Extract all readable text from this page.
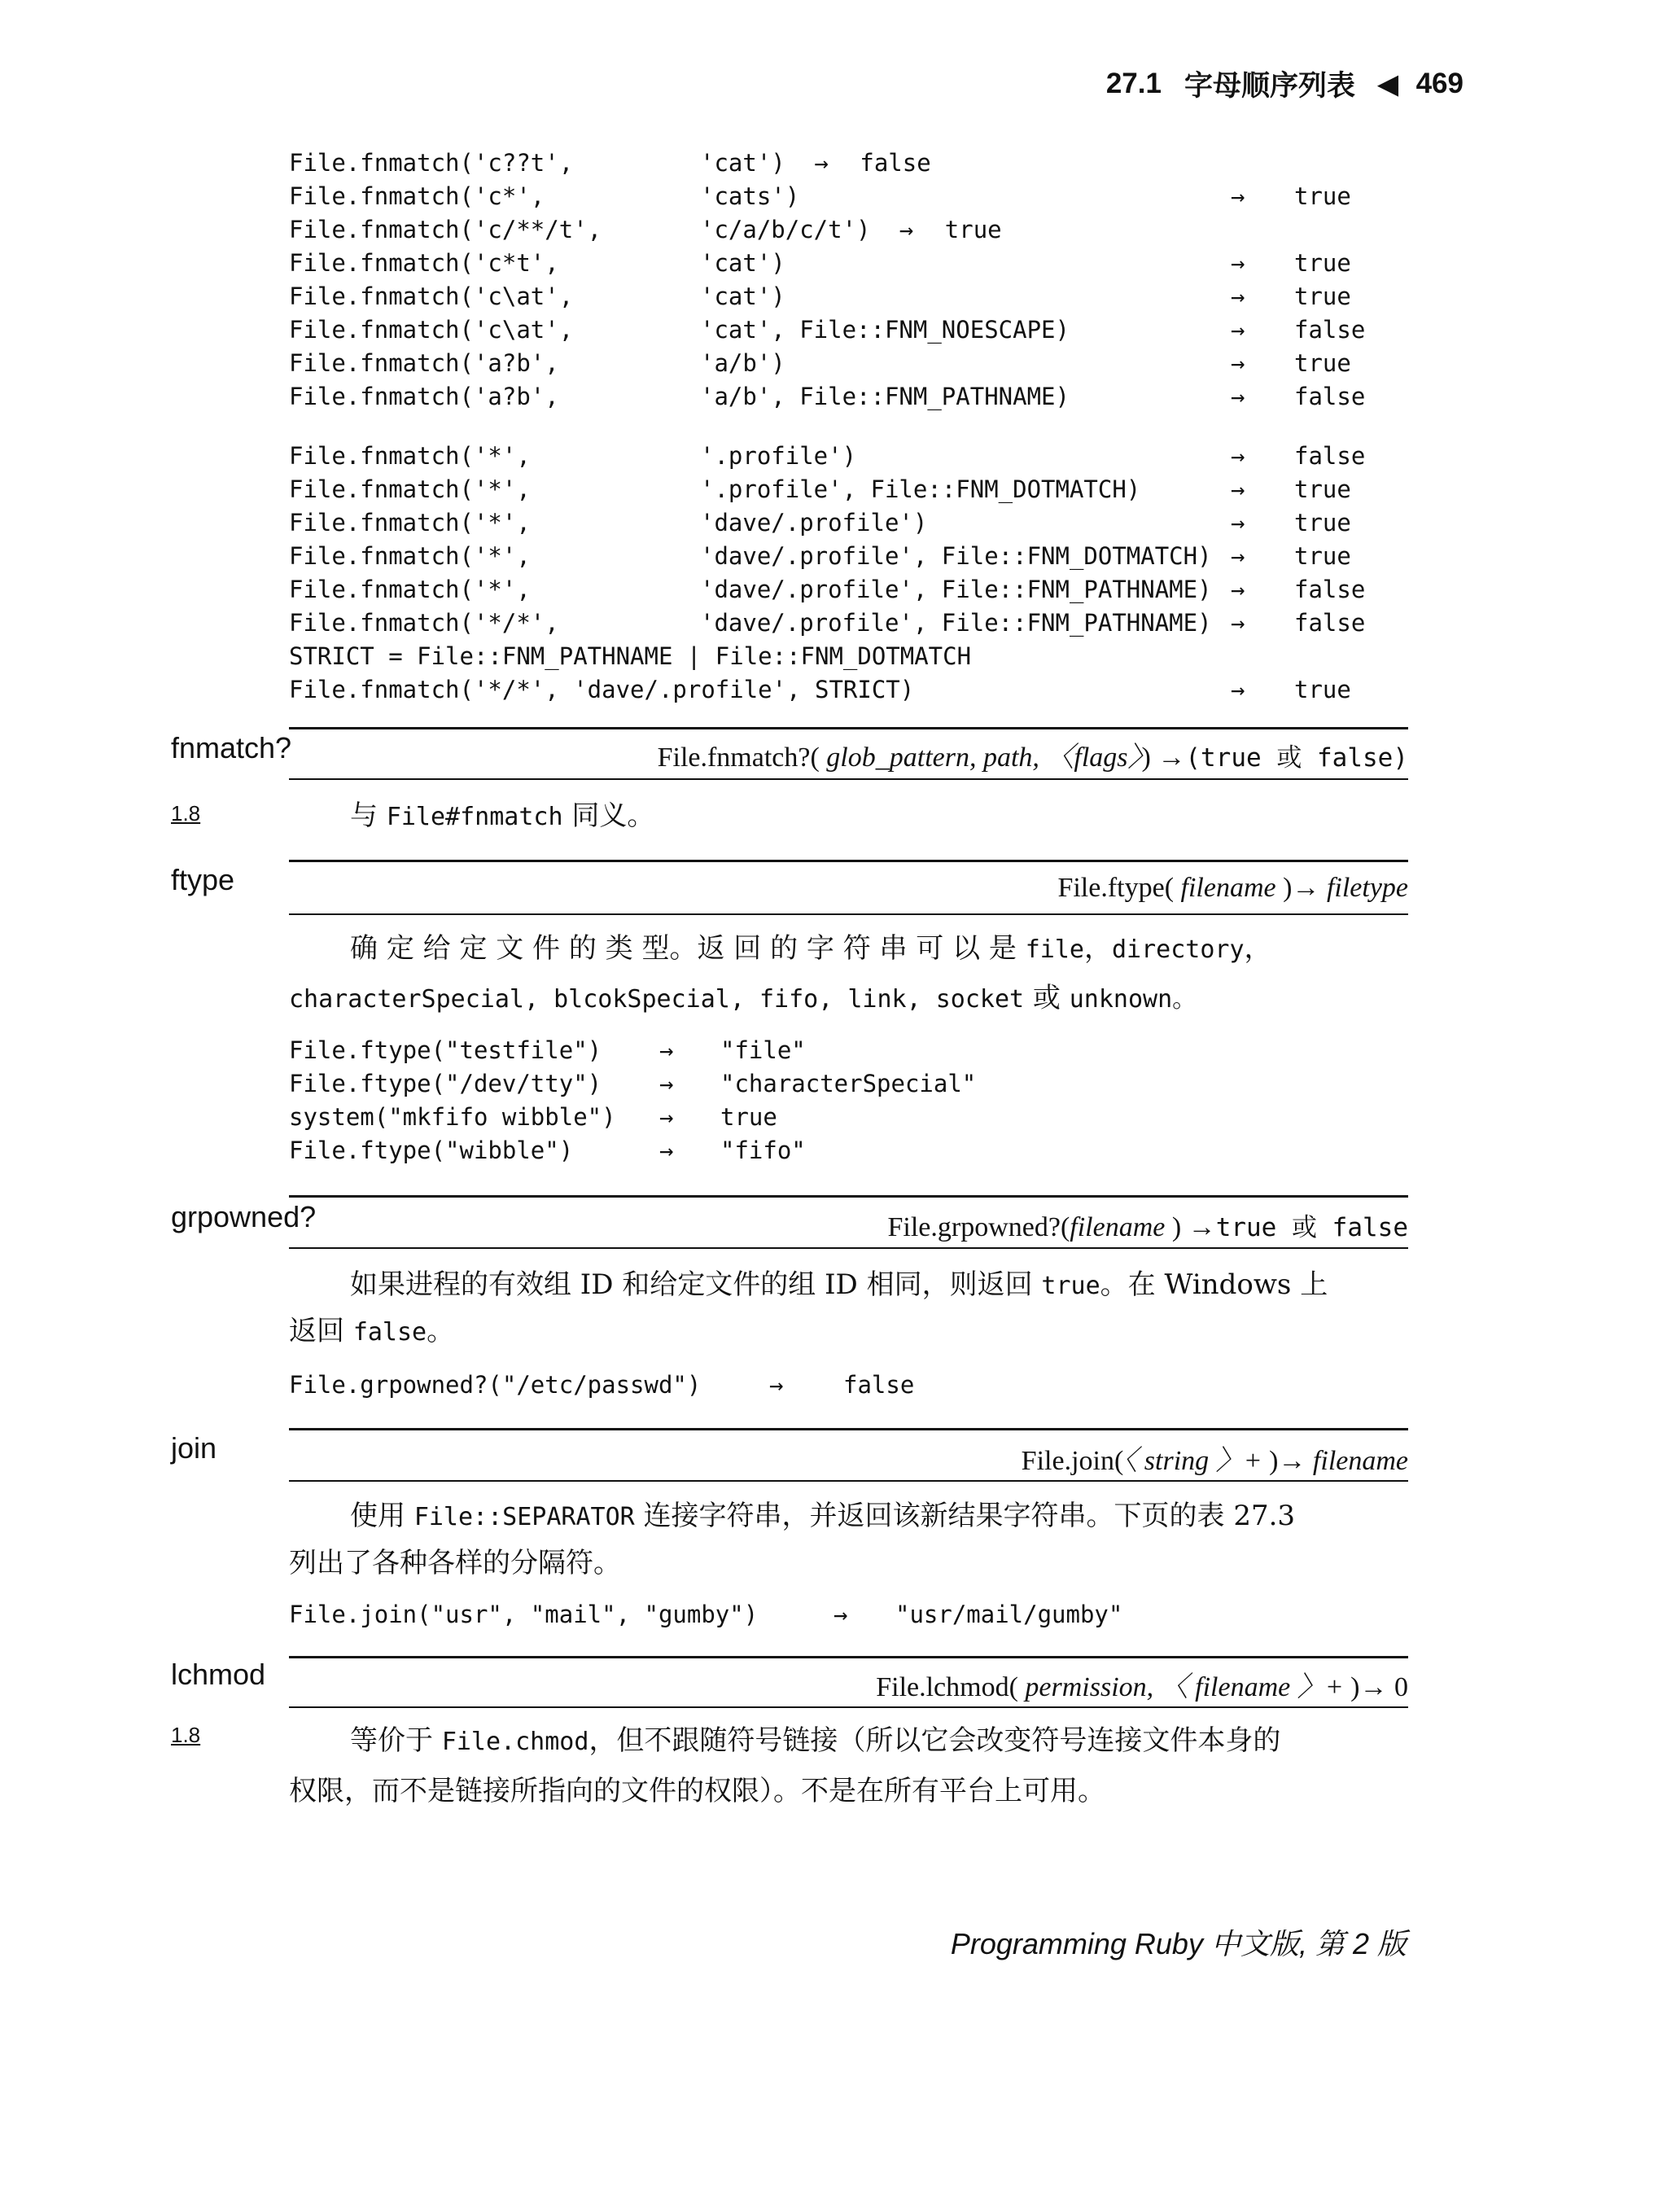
27.1 字母顺序列表 ◀ 469
File.fnmatch('c??t',	'cat') → false
File.fnmatch('c*',	'cats')	→ true
File.fnmatch('c/**/t',	'c/a/b/c/t') → true
File.fnmatch('c*t',	'cat')	→ true
File.fnmatch('c\at',	'cat')	→ true
File.fnmatch('c\at',	'cat', File::FNM_NOESCAPE)	→ false
File.fnmatch('a?b',	'a/b')	→ true
File.fnmatch('a?b',	'a/b', File::FNM_PATHNAME)	→ false
File.fnmatch('*',	'.profile')	→ false
File.fnmatch('*',	'.profile', File::FNM_DOTMATCH)	→ true
File.fnmatch('*',	'dave/.profile')	→ true
File.fnmatch('*',	'dave/.profile', File::FNM_DOTMATCH) → true
File.fnmatch('*',	'dave/.profile', File::FNM_PATHNAME) → false
File.fnmatch('*/*',	'dave/.profile', File::FNM_PATHNAME) → false
STRICT = File::FNM_PATHNAME | File::FNM_DOTMATCH
File.fnmatch('*/*', 'dave/.profile', STRICT)	→ true
fnmatch?	File.fnmatch?( glob_pattern, path, 〈flags〉) →(true 或 false)
1.8	与 File#fnmatch 同义。
ftype	File.ftype( filename )→ filetype
确 定 给 定 文 件 的 类 型。返 回 的 字 符 串 可 以 是 file，directory，
characterSpecial, blcokSpecial, fifo, link, socket 或 unknown。
File.ftype("testfile") → "file"
File.ftype("/dev/tty") → "characterSpecial"
system("mkfifo wibble") → true
File.ftype("wibble")	→ "fifo"
grpowned?	File.grpowned?(filename ) →true 或 false
如果进程的有效组 ID 和给定文件的组 ID 相同，则返回 true。在 Windows 上
返回 false。
File.grpowned?("/etc/passwd")	→	false
join	File.join(〈 string 〉+ )→ filename
使用 File::SEPARATOR 连接字符串，并返回该新结果字符串。下页的表 27.3
列出了各种各样的分隔符。
File.join("usr", "mail", "gumby")	→ "usr/mail/gumby"
lchmod	File.lchmod( permission, 〈 filename 〉+ )→ 0
1.8	等价于 File.chmod，但不跟随符号链接（所以它会改变符号连接文件本身的
权限，而不是链接所指向的文件的权限）。不是在所有平台上可用。
Programming Ruby 中文版, 第 2 版
